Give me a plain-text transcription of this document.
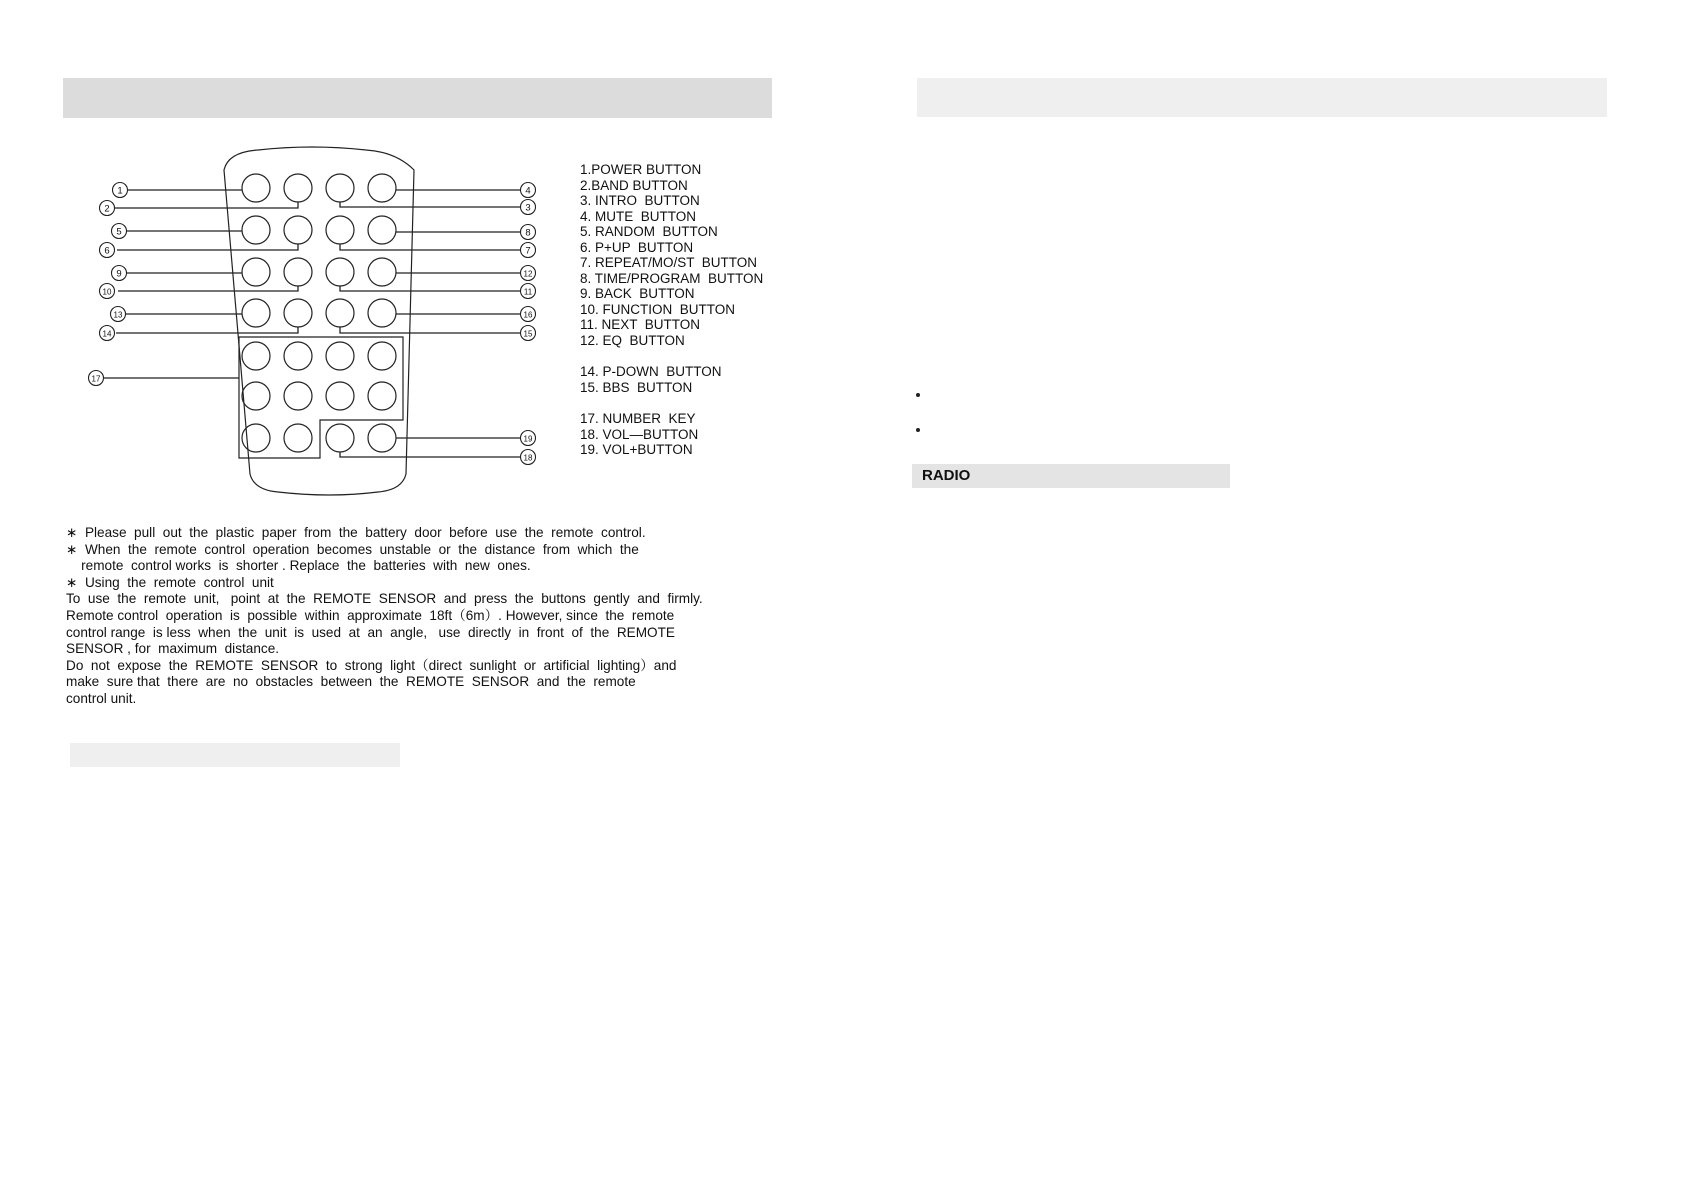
1
2	3
4
5
6	7
8
9
10	11
12
13
14	15
16
17
18
19
1.POWER BUTTON
2.BAND BUTTON
3. INTRO  BUTTON
4. MUTE  BUTTON
5. RANDOM  BUTTON
6. P+UP  BUTTON
7. REPEAT/MO/ST  BUTTON
8. TIME/PROGRAM  BUTTON
9. BACK  BUTTON
10. FUNCTION  BUTTON
11. NEXT  BUTTON
12. EQ  BUTTON
14. P-DOWN  BUTTON
15. BBS  BUTTON
17. NUMBER  KEY
18. VOL—BUTTON
19. VOL+BUTTON
∗  Please  pull  out  the  plastic  paper  from  the  battery  door  before  use  the  remote  control.
∗  When  the  remote  control  operation  becomes  unstable  or  the  distance  from  which  the
remote  control works  is  shorter . Replace  the  batteries  with  new  ones.
∗  Using  the  remote  control  unit
To  use  the  remote  unit,   point  at  the  REMOTE  SENSOR  and  press  the  buttons  gently  and  firmly.
Remote control  operation  is  possible  within  approximate  18ft（6m）. However, since  the  remote
control range  is less  when  the  unit  is  used  at  an  angle,   use  directly  in  front  of  the  REMOTE
SENSOR , for  maximum  distance.
Do  not  expose  the  REMOTE  SENSOR  to  strong  light（direct  sunlight  or  artificial  lighting）and
make  sure that  there  are  no  obstacles  between  the  REMOTE  SENSOR  and  the  remote
control unit.
RADIO
